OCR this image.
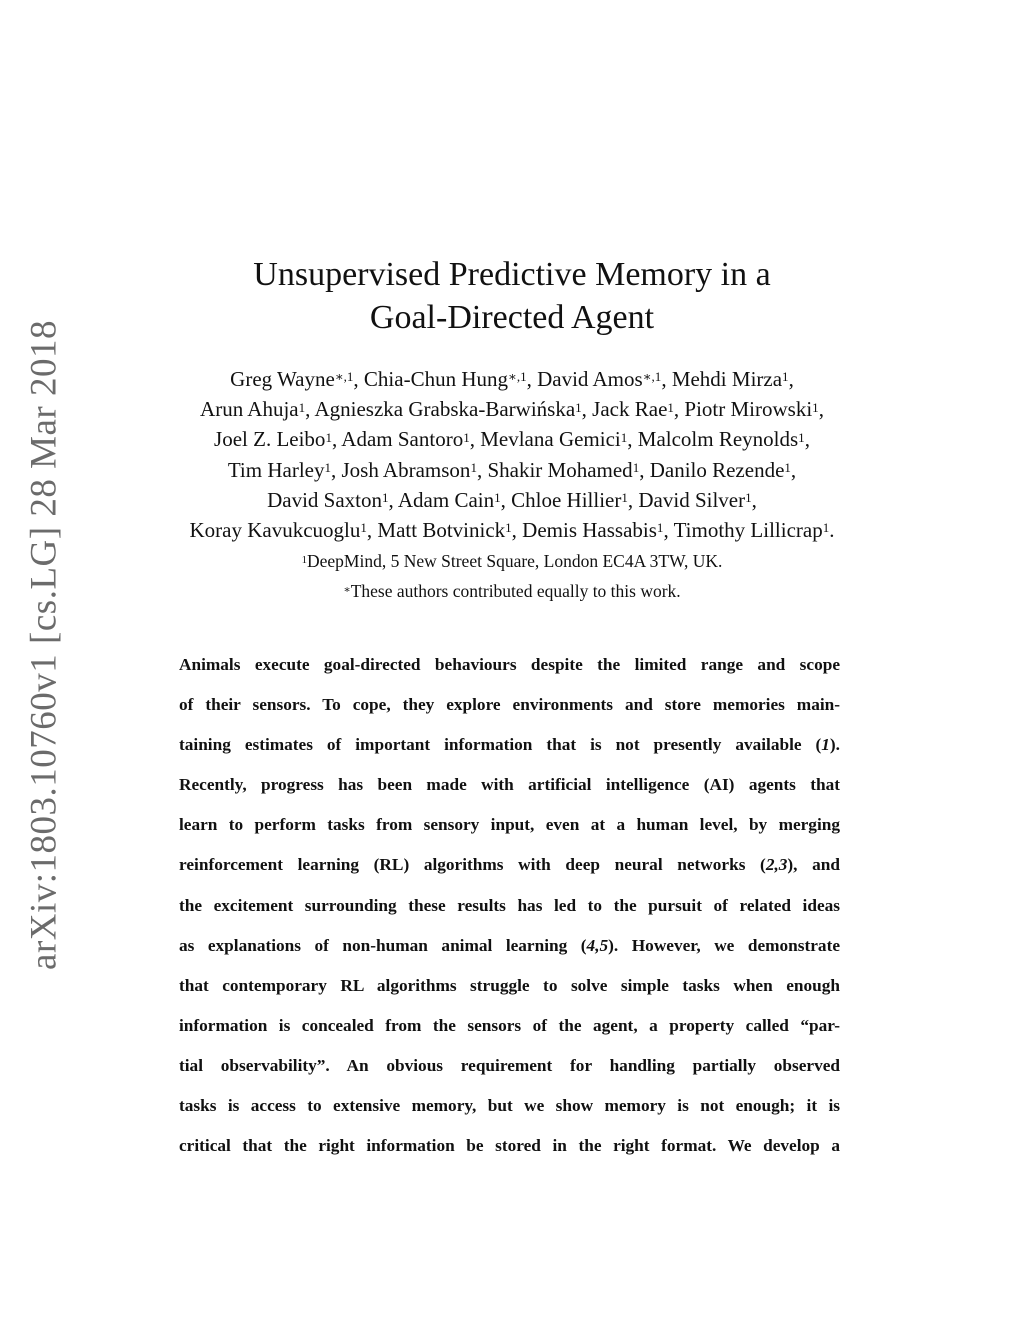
arXiv:1803.10760v1 [cs.LG] 28 Mar 2018
Unsupervised Predictive Memory in a
Goal-Directed Agent
Greg Wayne$^{∗,1}$, Chia-Chun Hung$^{∗,1}$, David Amos$^{∗,1}$, Mehdi Mirza$^1$,
Arun Ahuja$^1$, Agnieszka Grabska-Barwińska$^1$, Jack Rae$^1$, Piotr Mirowski$^1$,
Joel Z. Leibo$^1$, Adam Santoro$^1$, Mevlana Gemici$^1$, Malcolm Reynolds$^1$,
Tim Harley$^1$, Josh Abramson$^1$, Shakir Mohamed$^1$, Danilo Rezende$^1$,
David Saxton$^1$, Adam Cain$^1$, Chloe Hillier$^1$, David Silver$^1$,
Koray Kavukcuoglu$^1$, Matt Botvinick$^1$, Demis Hassabis$^1$, Timothy Lillicrap$^1$.
$^1$DeepMind, 5 New Street Square, London EC4A 3TW, UK.
∗These authors contributed equally to this work.
Animals execute goal-directed behaviours despite the limited range and scope
of their sensors. To cope, they explore environments and store memories main-
taining estimates of important information that is not presently available (1).
Recently, progress has been made with artificial intelligence (AI) agents that
learn to perform tasks from sensory input, even at a human level, by merging
reinforcement learning (RL) algorithms with deep neural networks (2,3), and
the excitement surrounding these results has led to the pursuit of related ideas
as explanations of non-human animal learning (4,5). However, we demonstrate
that contemporary RL algorithms struggle to solve simple tasks when enough
information is concealed from the sensors of the agent, a property called “par-
tial observability”. An obvious requirement for handling partially observed
tasks is access to extensive memory, but we show memory is not enough; it is
critical that the right information be stored in the right format. We develop a
